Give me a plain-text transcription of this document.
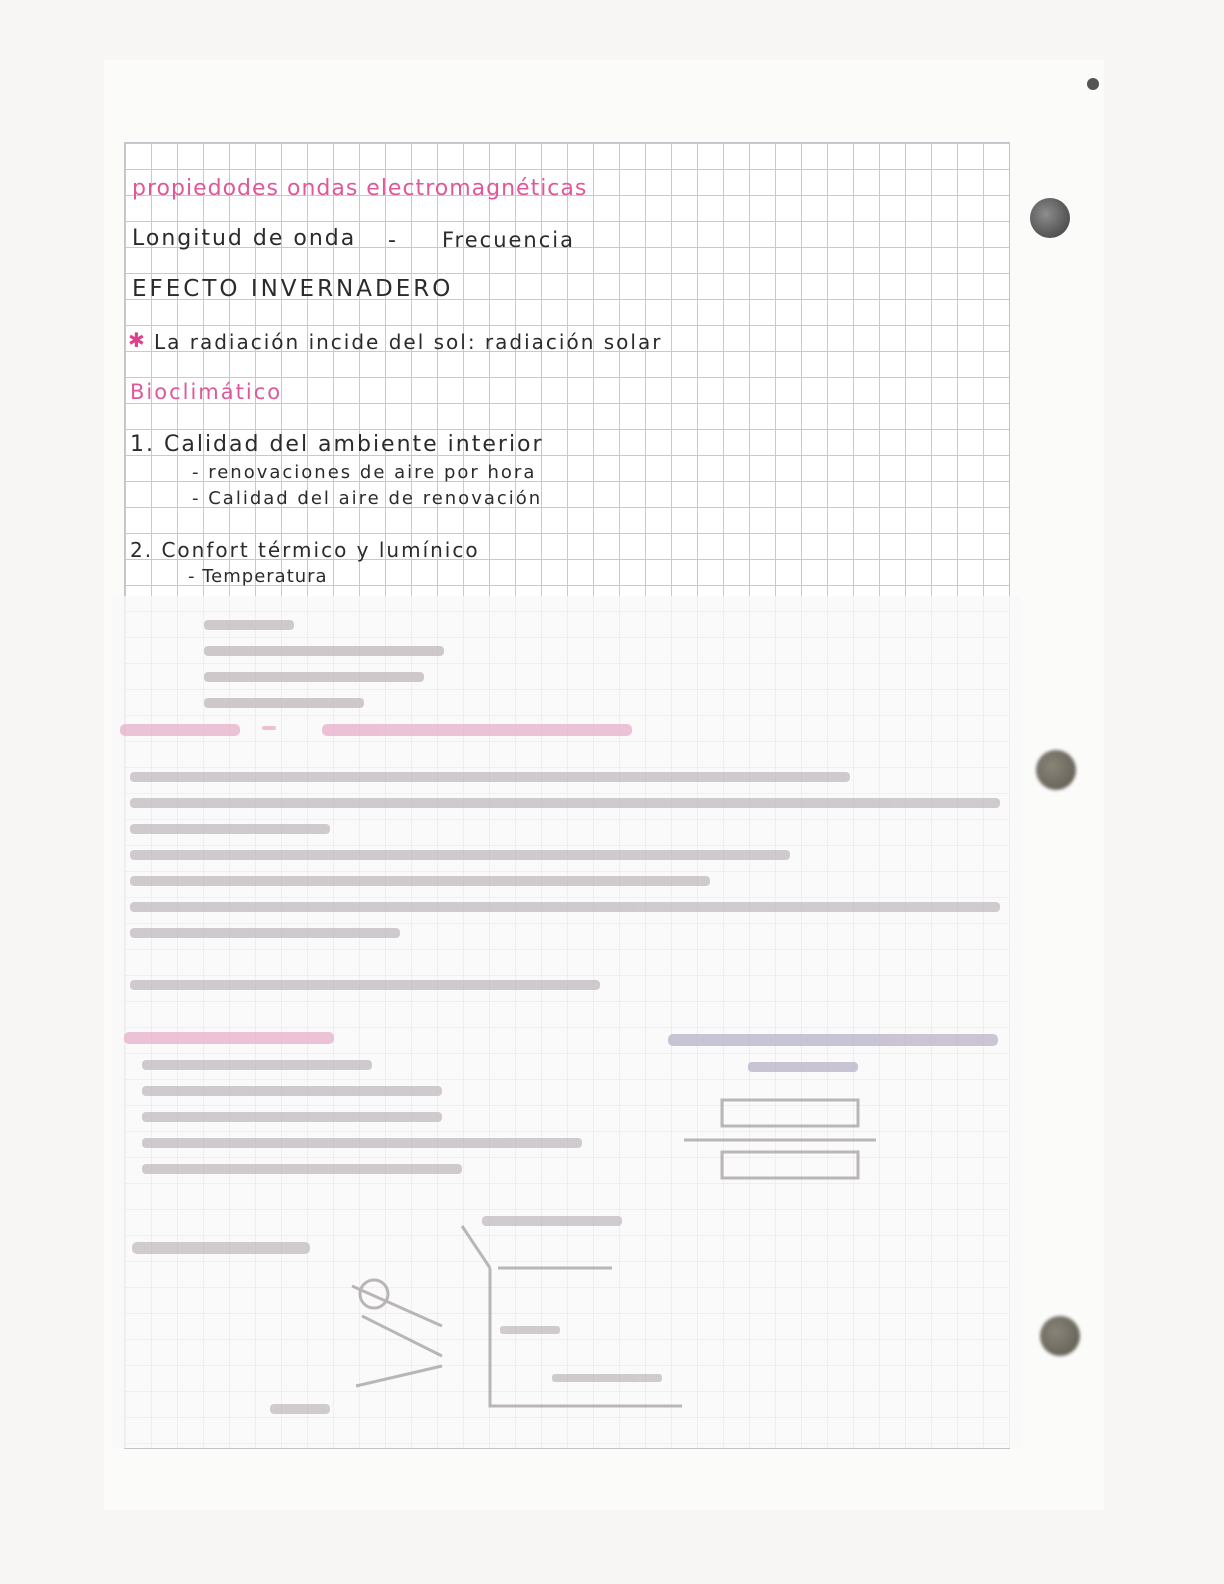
propiedodes ondas electromagnéticas
Longitud de onda - Frecuencia
EFECTO INVERNADERO
✱ La radiación incide del sol: radiación solar
Bioclimático
1. Calidad del ambiente interior
- renovaciones de aire por hora
- Calidad del aire de renovación
2. Confort térmico y lumínico
- Temperatura
